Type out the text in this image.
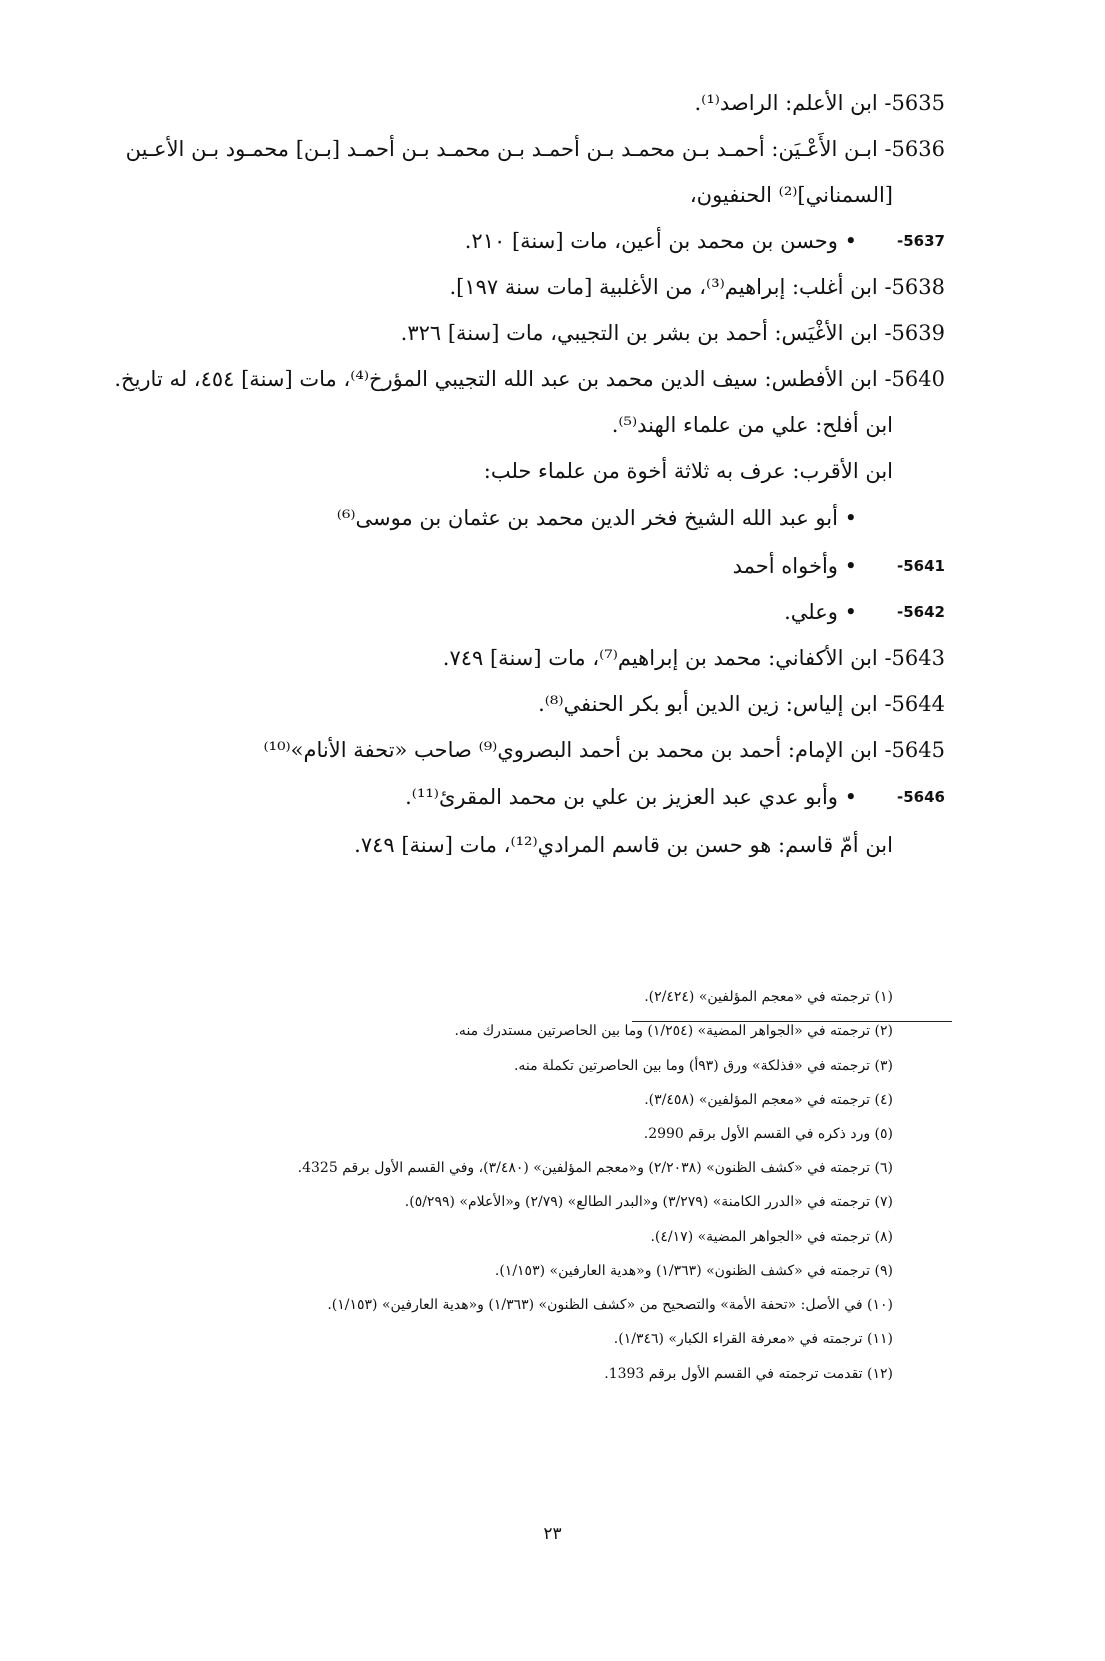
5635- ابن الأعلم: الراصد⁽¹⁾.
5636- ابـن الأَعْـيَن: أحمـد بـن محمـد بـن أحمـد بـن محمـد بـن أحمـد [بـن] محمـود بـن الأعـين
[السمناني]⁽²⁾ الحنفيون،
5637-
• وحسن بن محمد بن أعين، مات [سنة] ٢١٠.
5638- ابن أغلب: إبراهيم⁽³⁾، من الأغلبية [مات سنة ١٩٧].
5639- ابن الأغْيَس: أحمد بن بشر بن التجيبي، مات [سنة] ٣٢٦.
5640- ابن الأفطس: سيف الدين محمد بن عبد الله التجيبي المؤرخ⁽⁴⁾، مات [سنة] ٤٥٤، له تاريخ.
ابن أفلح: علي من علماء الهند⁽⁵⁾.
ابن الأقرب: عرف به ثلاثة أخوة من علماء حلب:
• أبو عبد الله الشيخ فخر الدين محمد بن عثمان بن موسى⁽⁶⁾
5641-
• وأخواه أحمد
5642-
• وعلي.
5643- ابن الأكفاني: محمد بن إبراهيم⁽⁷⁾، مات [سنة] ٧٤٩.
5644- ابن إلياس: زين الدين أبو بكر الحنفي⁽⁸⁾.
5645- ابن الإمام: أحمد بن محمد بن أحمد البصروي⁽⁹⁾ صاحب «تحفة الأنام»⁽¹⁰⁾
5646-
• وأبو عدي عبد العزيز بن علي بن محمد المقرئ⁽¹¹⁾.
ابن أمّ قاسم: هو حسن بن قاسم المرادي⁽¹²⁾، مات [سنة] ٧٤٩.
(١) ترجمته في «معجم المؤلفين» (٢/٤٢٤).
(٢) ترجمته في «الجواهر المضية» (١/٢٥٤) وما بين الحاصرتين مستدرك منه.
(٣) ترجمته في «فذلكة» ورق (٩٣أ) وما بين الحاصرتين تكملة منه.
(٤) ترجمته في «معجم المؤلفين» (٣/٤٥٨).
(٥) ورد ذكره في القسم الأول برقم 2990.
(٦) ترجمته في «كشف الظنون» (٢/٢٠٣٨) و«معجم المؤلفين» (٣/٤٨٠)، وفي القسم الأول برقم 4325.
(٧) ترجمته في «الدرر الكامنة» (٣/٢٧٩) و«البدر الطالع» (٢/٧٩) و«الأعلام» (٥/٢٩٩).
(٨) ترجمته في «الجواهر المضية» (٤/١٧).
(٩) ترجمته في «كشف الظنون» (١/٣٦٣) و«هدية العارفين» (١/١٥٣).
(١٠) في الأصل: «تحفة الأمة» والتصحيح من «كشف الظنون» (١/٣٦٣) و«هدية العارفين» (١/١٥٣).
(١١) ترجمته في «معرفة القراء الكبار» (١/٣٤٦).
(١٢) تقدمت ترجمته في القسم الأول برقم 1393.
٢٣
